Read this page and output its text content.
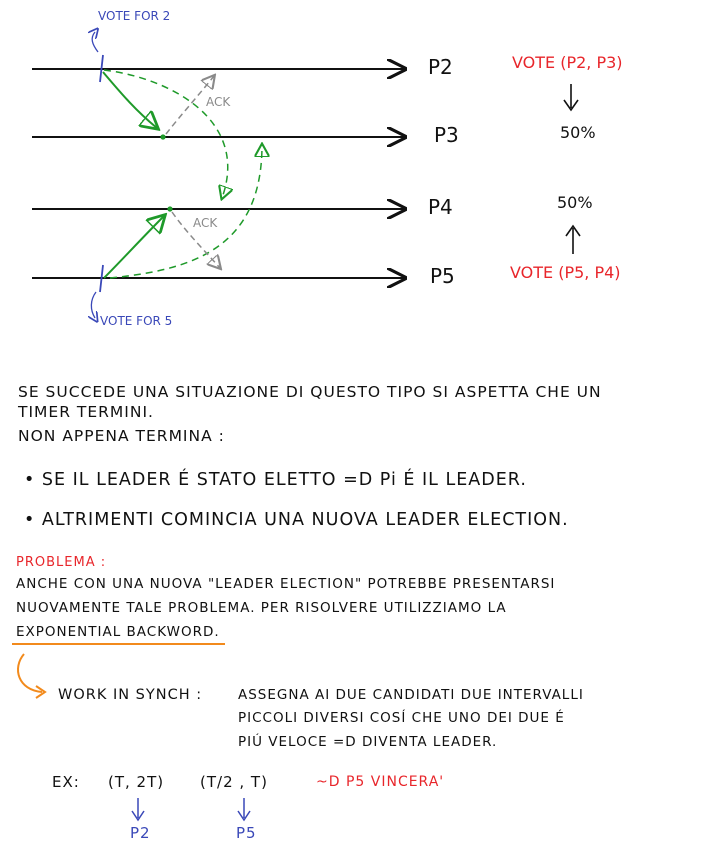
VOTE FOR 2
VOTE FOR 5
ACK
ACK
P2
P3
P4
P5
VOTE (P2, P3)
50%
50%
VOTE (P5, P4)
SE SUCCEDE UNA SITUAZIONE DI QUESTO TIPO SI ASPETTA CHE UN
TIMER TERMINI.
NON APPENA TERMINA :
• SE IL LEADER É STATO ELETTO =D Pi É IL LEADER.
• ALTRIMENTI COMINCIA UNA NUOVA LEADER ELECTION.
PROBLEMA :
ANCHE CON UNA NUOVA "LEADER ELECTION" POTREBBE PRESENTARSI
NUOVAMENTE TALE PROBLEMA. PER RISOLVERE UTILIZZIAMO LA
EXPONENTIAL BACKWORD.
WORK IN SYNCH :	ASSEGNA AI DUE CANDIDATI DUE INTERVALLI
PICCOLI DIVERSI COSÍ CHE UNO DEI DUE É
PIÚ VELOCE =D DIVENTA LEADER.
EX: (T, 2T) (T/2 , T)	~D P5 VINCERA'
P2	P5
